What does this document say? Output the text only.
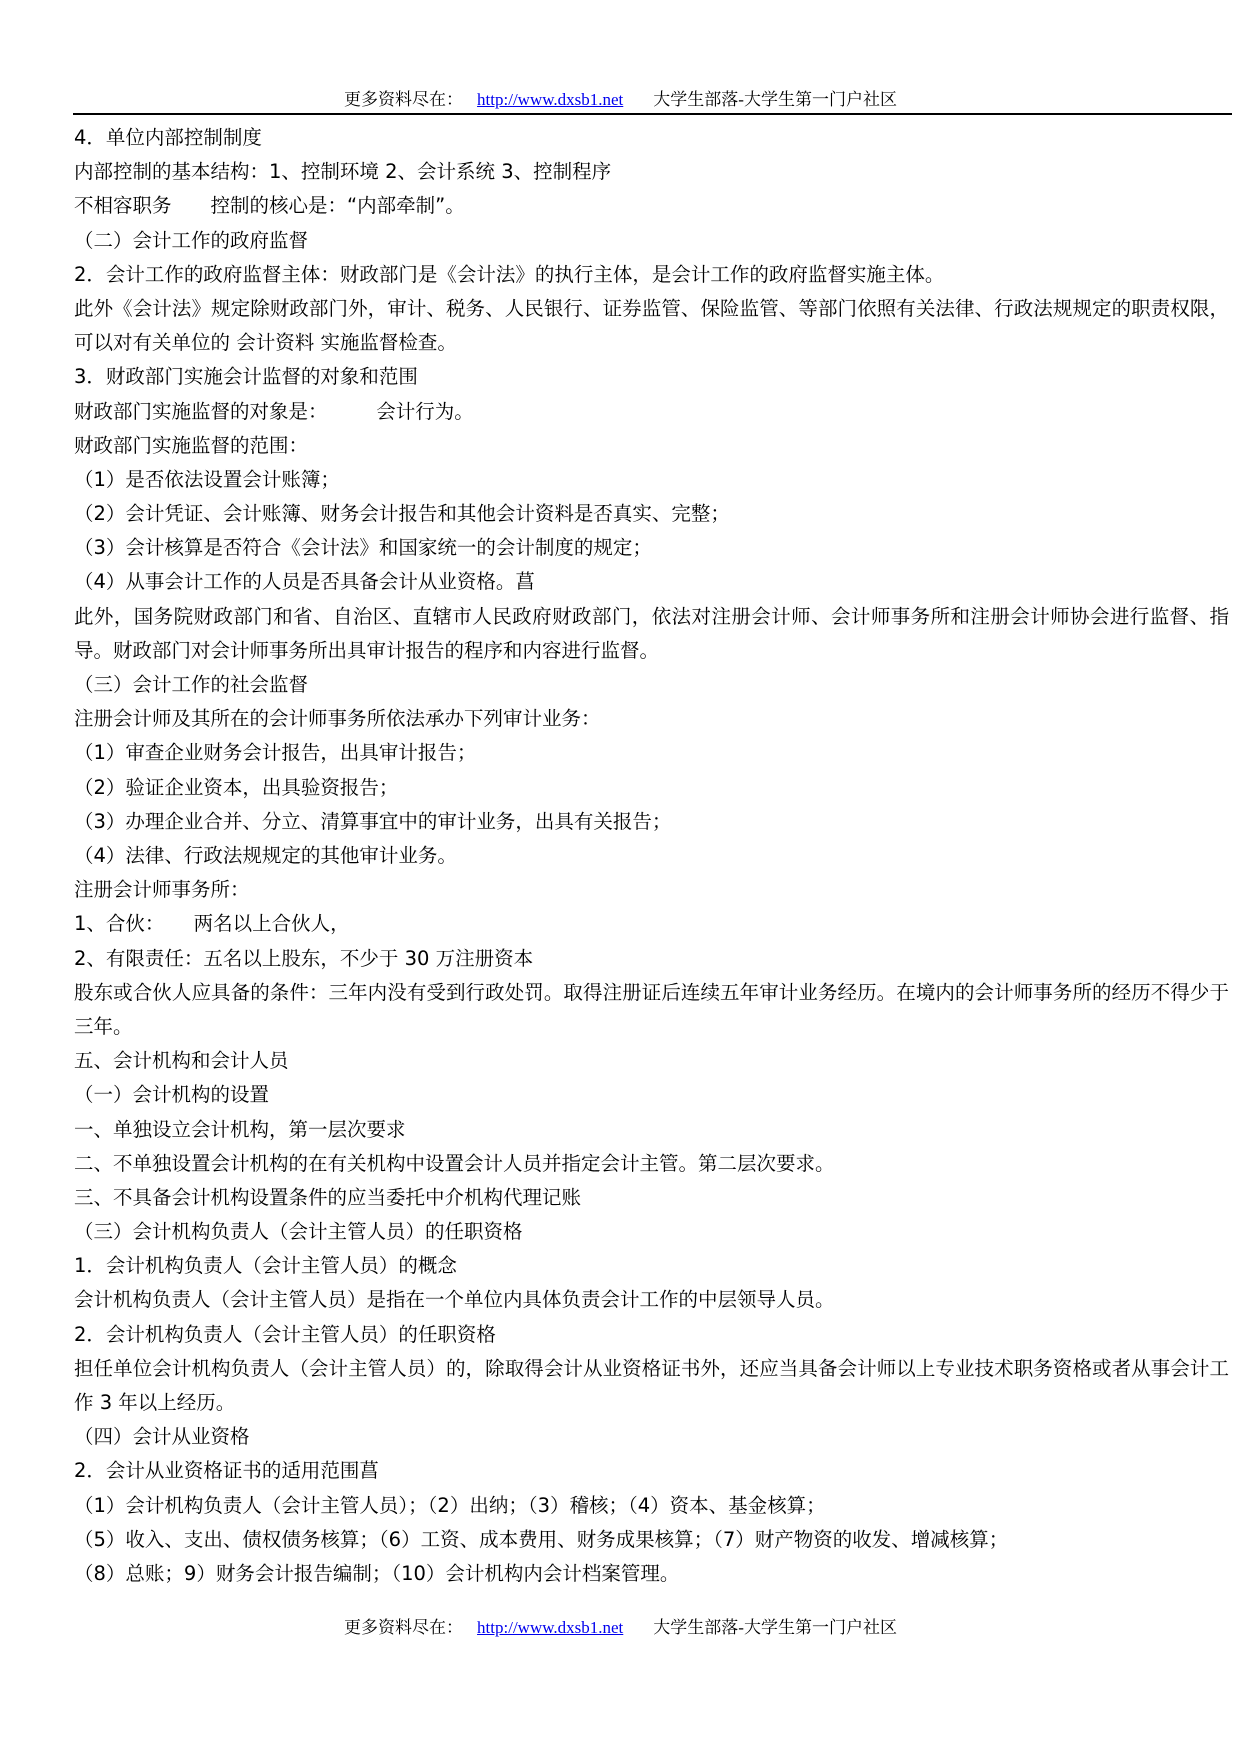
更多资料尽在： http://www.dxsb1.net 大学生部落-大学生第一门户社区
4．单位内部控制制度
内部控制的基本结构：1、控制环境 2、会计系统 3、控制程序
不相容职务　　控制的核心是：“内部牵制”。
（二）会计工作的政府监督
2．会计工作的政府监督主体：财政部门是《会计法》的执行主体，是会计工作的政府监督实施主体。
此外《会计法》规定除财政部门外，审计、税务、人民银行、证券监管、保险监管、等部门依照有关法律、行政法规规定的职责权限，可以对有关单位的 会计资料 实施监督检查。
3．财政部门实施会计监督的对象和范围
财政部门实施监督的对象是：　　　会计行为。
财政部门实施监督的范围：
（1）是否依法设置会计账簿；
（2）会计凭证、会计账簿、财务会计报告和其他会计资料是否真实、完整；
（3）会计核算是否符合《会计法》和国家统一的会计制度的规定；
（4）从事会计工作的人员是否具备会计从业资格。菖
此外，国务院财政部门和省、自治区、直辖市人民政府财政部门，依法对注册会计师、会计师事务所和注册会计师协会进行监督、指导。财政部门对会计师事务所出具审计报告的程序和内容进行监督。
（三）会计工作的社会监督
注册会计师及其所在的会计师事务所依法承办下列审计业务：
（1）审查企业财务会计报告，出具审计报告；
（2）验证企业资本，出具验资报告；
（3）办理企业合并、分立、清算事宜中的审计业务，出具有关报告；
（4）法律、行政法规规定的其他审计业务。
注册会计师事务所：
1、合伙：　　两名以上合伙人，
2、有限责任：五名以上股东，不少于 30 万注册资本
股东或合伙人应具备的条件：三年内没有受到行政处罚。取得注册证后连续五年审计业务经历。在境内的会计师事务所的经历不得少于三年。
五、会计机构和会计人员
（一）会计机构的设置
一、单独设立会计机构，第一层次要求
二、不单独设置会计机构的在有关机构中设置会计人员并指定会计主管。第二层次要求。
三、不具备会计机构设置条件的应当委托中介机构代理记账
（三）会计机构负责人（会计主管人员）的任职资格
1．会计机构负责人（会计主管人员）的概念
会计机构负责人（会计主管人员）是指在一个单位内具体负责会计工作的中层领导人员。
2．会计机构负责人（会计主管人员）的任职资格
担任单位会计机构负责人（会计主管人员）的，除取得会计从业资格证书外，还应当具备会计师以上专业技术职务资格或者从事会计工作 3 年以上经历。
（四）会计从业资格
2．会计从业资格证书的适用范围菖
（1）会计机构负责人（会计主管人员）；（2）出纳；（3）稽核；（4）资本、基金核算；
（5）收入、支出、债权债务核算；（6）工资、成本费用、财务成果核算；（7）财产物资的收发、增减核算；
（8）总账；9）财务会计报告编制；（10）会计机构内会计档案管理。
更多资料尽在： http://www.dxsb1.net 大学生部落-大学生第一门户社区
